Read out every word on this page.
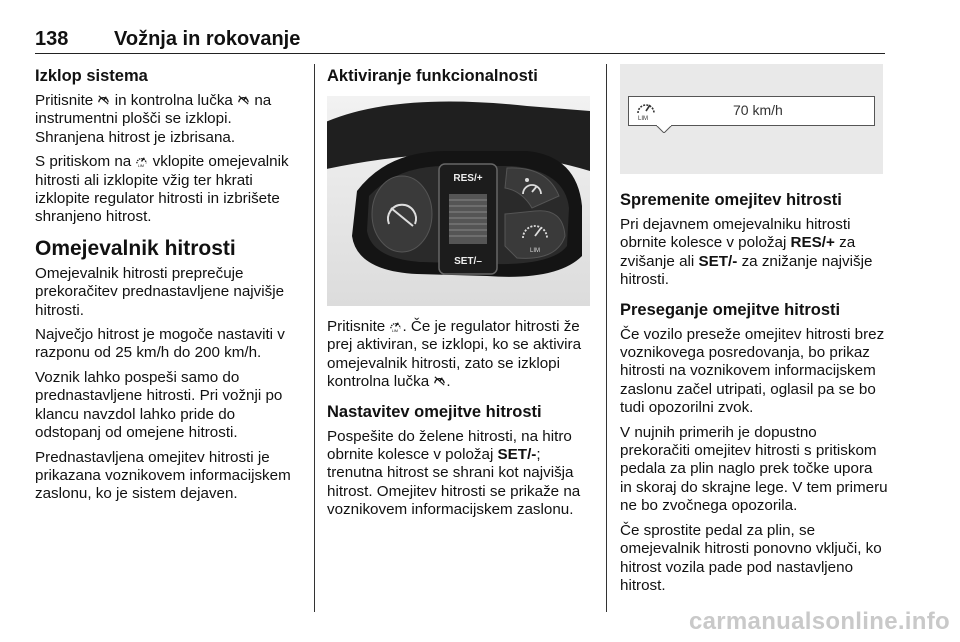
138 Vožnja in rokovanje
Izklop sistema

Pritisnite  in kontrolna lučka  na instrumentni plošči se izklopi. Shranjena hitrost je izbrisana.

S pritiskom na LIM vklopite omejevalnik hitrosti ali izklopite vžig ter hkrati izklopite regulator hitrosti in izbrišete shranjeno hitrost.

Omejevalnik hitrosti

Omejevalnik hitrosti preprečuje prekoračitev prednastavljene najvišje hitrosti.

Največjo hitrost je mogoče nastaviti v razponu od 25 km/h do 200 km/h.

Voznik lahko pospeši samo do prednastavljene hitrosti. Pri vožnji po klancu navzdol lahko pride do odstopanj od omejene hitrosti.

Prednastavljena omejitev hitrosti je prikazana voznikovem informacijskem zaslonu, ko je sistem dejaven.

Aktiviranje funkcionalnosti
RES/+
SET/–
LIM

Pritisnite LIM . Če je regulator hitrosti že prej aktiviran, se izklopi, ko se aktivira omejevalnik hitrosti, zato se izklopi kontrolna lučka .

Nastavitev omejitve hitrosti

Pospešite do želene hitrosti, na hitro obrnite kolesce v položaj SET/-; trenutna hitrost se shrani kot najvišja hitrost. Omejitev hitrosti se prikaže na voznikovem informacijskem zaslonu.

LIM
70 km/h
Spremenite omejitev hitrosti

Pri dejavnem omejevalniku hitrosti obrnite kolesce v položaj RES/+ za zvišanje ali SET/- za znižanje najvišje hitrosti.

Preseganje omejitve hitrosti

Če vozilo preseže omejitev hitrosti brez voznikovega posredovanja, bo prikaz hitrosti na voznikovem informacijskem zaslonu začel utripati, oglasil pa se bo tudi opozorilni zvok.

V nujnih primerih je dopustno prekoračiti omejitev hitrosti s pritiskom pedala za plin naglo prek točke upora in skoraj do skrajne lege. V tem primeru ne bo zvočnega opozorila.

Če sprostite pedal za plin, se omejevalnik hitrosti ponovno vključi, ko hitrost vozila pade pod nastavljeno hitrost.

carmanualsonline.info
